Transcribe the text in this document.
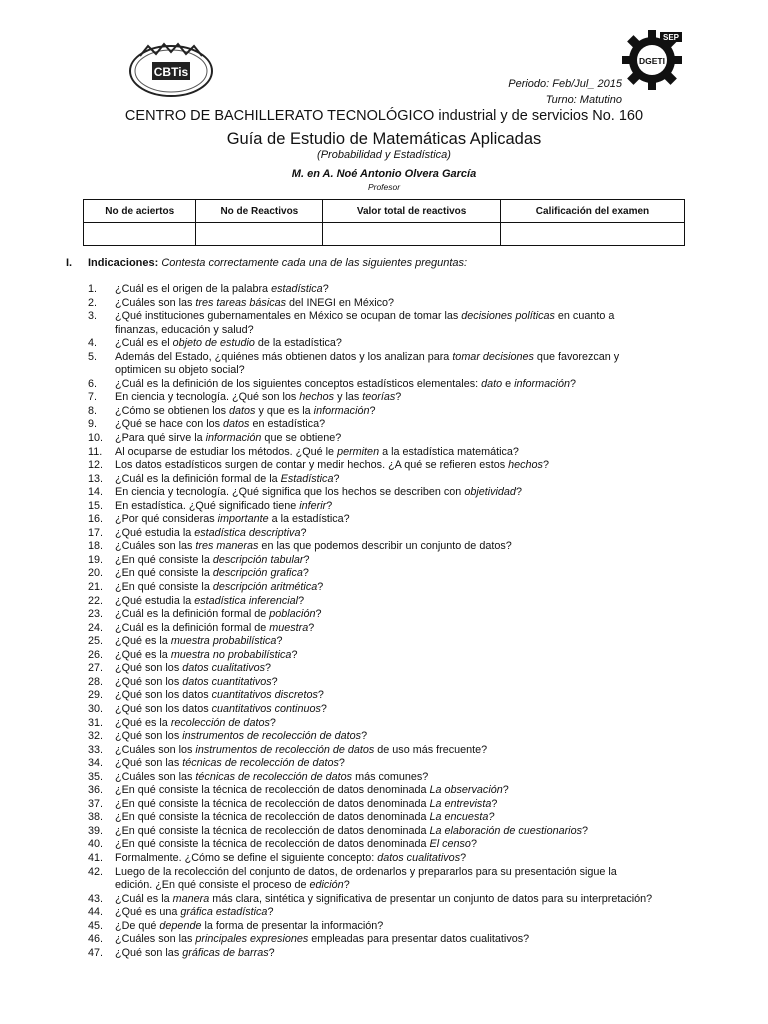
CBTis
SEP
DGETI
Periodo: Feb/Jul_ 2015
Turno: Matutino
CENTRO DE BACHILLERATO TECNOLÓGICO industrial y de servicios No. 160
Guía de Estudio de Matemáticas Aplicadas
(Probabilidad y Estadística)
M. en A. Noé Antonio Olvera García
Profesor
No de aciertos	No de Reactivos	Valor total de reactivos	Calificación del examen

I. Indicaciones: Contesta correctamente cada una de las siguientes preguntas:
1. ¿Cuál es el origen de la palabra estadística?
2. ¿Cuáles son las tres tareas básicas del INEGI en México?
3. ¿Qué instituciones gubernamentales en México se ocupan de tomar las decisiones políticas en cuanto a finanzas, educación y salud?
4. ¿Cuál es el objeto de estudio de la estadística?
5. Además del Estado, ¿quiénes más obtienen datos y los analizan para tomar decisiones que favorezcan y optimicen su objeto social?
6. ¿Cuál es la definición de los siguientes conceptos estadísticos elementales: dato e información?
7. En ciencia y tecnología. ¿Qué son los hechos y las teorías?
8. ¿Cómo se obtienen los datos y que es la información?
9. ¿Qué se hace con los datos en estadística?
10. ¿Para qué sirve la información que se obtiene?
11. Al ocuparse de estudiar los métodos. ¿Qué le permiten a la estadística matemática?
12. Los datos estadísticos surgen de contar y medir hechos. ¿A qué se refieren estos hechos?
13. ¿Cuál es la definición formal de la Estadística?
14. En ciencia y tecnología. ¿Qué significa que los hechos se describen con objetividad?
15. En estadística. ¿Qué significado tiene inferir?
16. ¿Por qué consideras importante a la estadística?
17. ¿Qué estudia la estadística descriptiva?
18. ¿Cuáles son las tres maneras en las que podemos describir un conjunto de datos?
19. ¿En qué consiste la descripción tabular?
20. ¿En qué consiste la descripción grafica?
21. ¿En qué consiste la descripción aritmética?
22. ¿Qué estudia la estadística inferencial?
23. ¿Cuál es la definición formal de población?
24. ¿Cuál es la definición formal de muestra?
25. ¿Qué es la muestra probabilística?
26. ¿Qué es la muestra no probabilística?
27. ¿Qué son los datos cualitativos?
28. ¿Qué son los datos cuantitativos?
29. ¿Qué son los datos cuantitativos discretos?
30. ¿Qué son los datos cuantitativos continuos?
31. ¿Qué es la recolección de datos?
32. ¿Qué son los instrumentos de recolección de datos?
33. ¿Cuáles son los instrumentos de recolección de datos de uso más frecuente?
34. ¿Qué son las técnicas de recolección de datos?
35. ¿Cuáles son las técnicas de recolección de datos más comunes?
36. ¿En qué consiste la técnica de recolección de datos denominada La observación?
37. ¿En qué consiste la técnica de recolección de datos denominada La entrevista?
38. ¿En qué consiste la técnica de recolección de datos denominada La encuesta?
39. ¿En qué consiste la técnica de recolección de datos denominada La elaboración de cuestionarios?
40. ¿En qué consiste la técnica de recolección de datos denominada El censo?
41. Formalmente. ¿Cómo se define el siguiente concepto: datos cualitativos?
42. Luego de la recolección del conjunto de datos, de ordenarlos y prepararlos para su presentación sigue la edición. ¿En qué consiste el proceso de edición?
43. ¿Cuál es la manera más clara, sintética y significativa de presentar un conjunto de datos para su interpretación?
44. ¿Qué es una gráfica estadística?
45. ¿De qué depende la forma de presentar la información?
46. ¿Cuáles son las principales expresiones empleadas para presentar datos cualitativos?
47. ¿Qué son las gráficas de barras?
